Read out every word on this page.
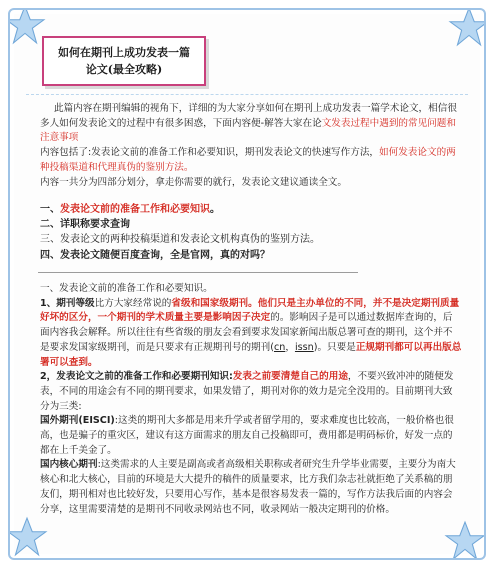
如何在期刊上成功发表一篇
论文(最全攻略)

此篇内容在期刊编辑的视角下，详细的为大家分享如何在期刊上成功发表一篇学术论文，相信很多人如何发表论文的过程中有很多困惑，下面内容便-解答大家在论文发表过程中遇到的常见问题和注意事项

内容包括了:发表论文前的准备工作和必要知识，期刊发表论文的快速写作方法，如何发表论文的两种投稿渠道和代理真伪的鉴别方法。

内容一共分为四部分划分，拿走你需要的就行，发表论文建议通读全文。

一、发表论文前的准备工作和必要知识。
二、详职称要求查询
三、发表论文的两种投稿渠道和发表论文机构真伪的鉴别方法。
四、发表论文随便百度查询，全是官网，真的对吗？

一、发表论文前的准备工作和必要知识。

1、期刊等级比方大家经常说的省级和国家级期刊。他们只是主办单位的不同，并不是决定期刊质量好坏的区分，一个期刊的学术质量主要是影响因子决定的。影响因子是可以通过数据库查询的，后面内容我会解释。所以往往有些省级的朋友会看到要求发国家新闻出版总署可查的期刊，这个并不是要求发国家级期刊，而是只要求有正规期刊号的期刊(cn，issn)。只要是正规期刊都可以再出版总署可以查到。

2，发表论文之前的准备工作和必要期刊知识:发表之前要清楚自己的用途，不要兴致冲冲的随便发表，不同的用途会有不同的期刊要求，如果发错了，期刊对你的效力是完全没用的。目前期刊大致分为三类:

国外期刊(EISCI):这类的期刊大多都是用来升学或者留学用的，要求难度也比较高，一般价格也很高，也是骗子的重灾区，建议有这方面需求的朋友自己投稿即可，费用都是明码标价，好发一点的都在上千美金了。

国内核心期刊:这类需求的人主要是副高或者高级相关职称或者研究生升学毕业需要，主要分为南大核心和北大核心，目前的环境是大大提升的稿件的质量要求，比方我们杂志社就拒绝了关系稿的朋友们，期刊相对也比较好发，只要用心写作，基本是很容易发表一篇的，写作方法我后面的内容会分享，这里需要清楚的是期刊不同收录网站也不同，收录网站一般决定期刊的价格。
